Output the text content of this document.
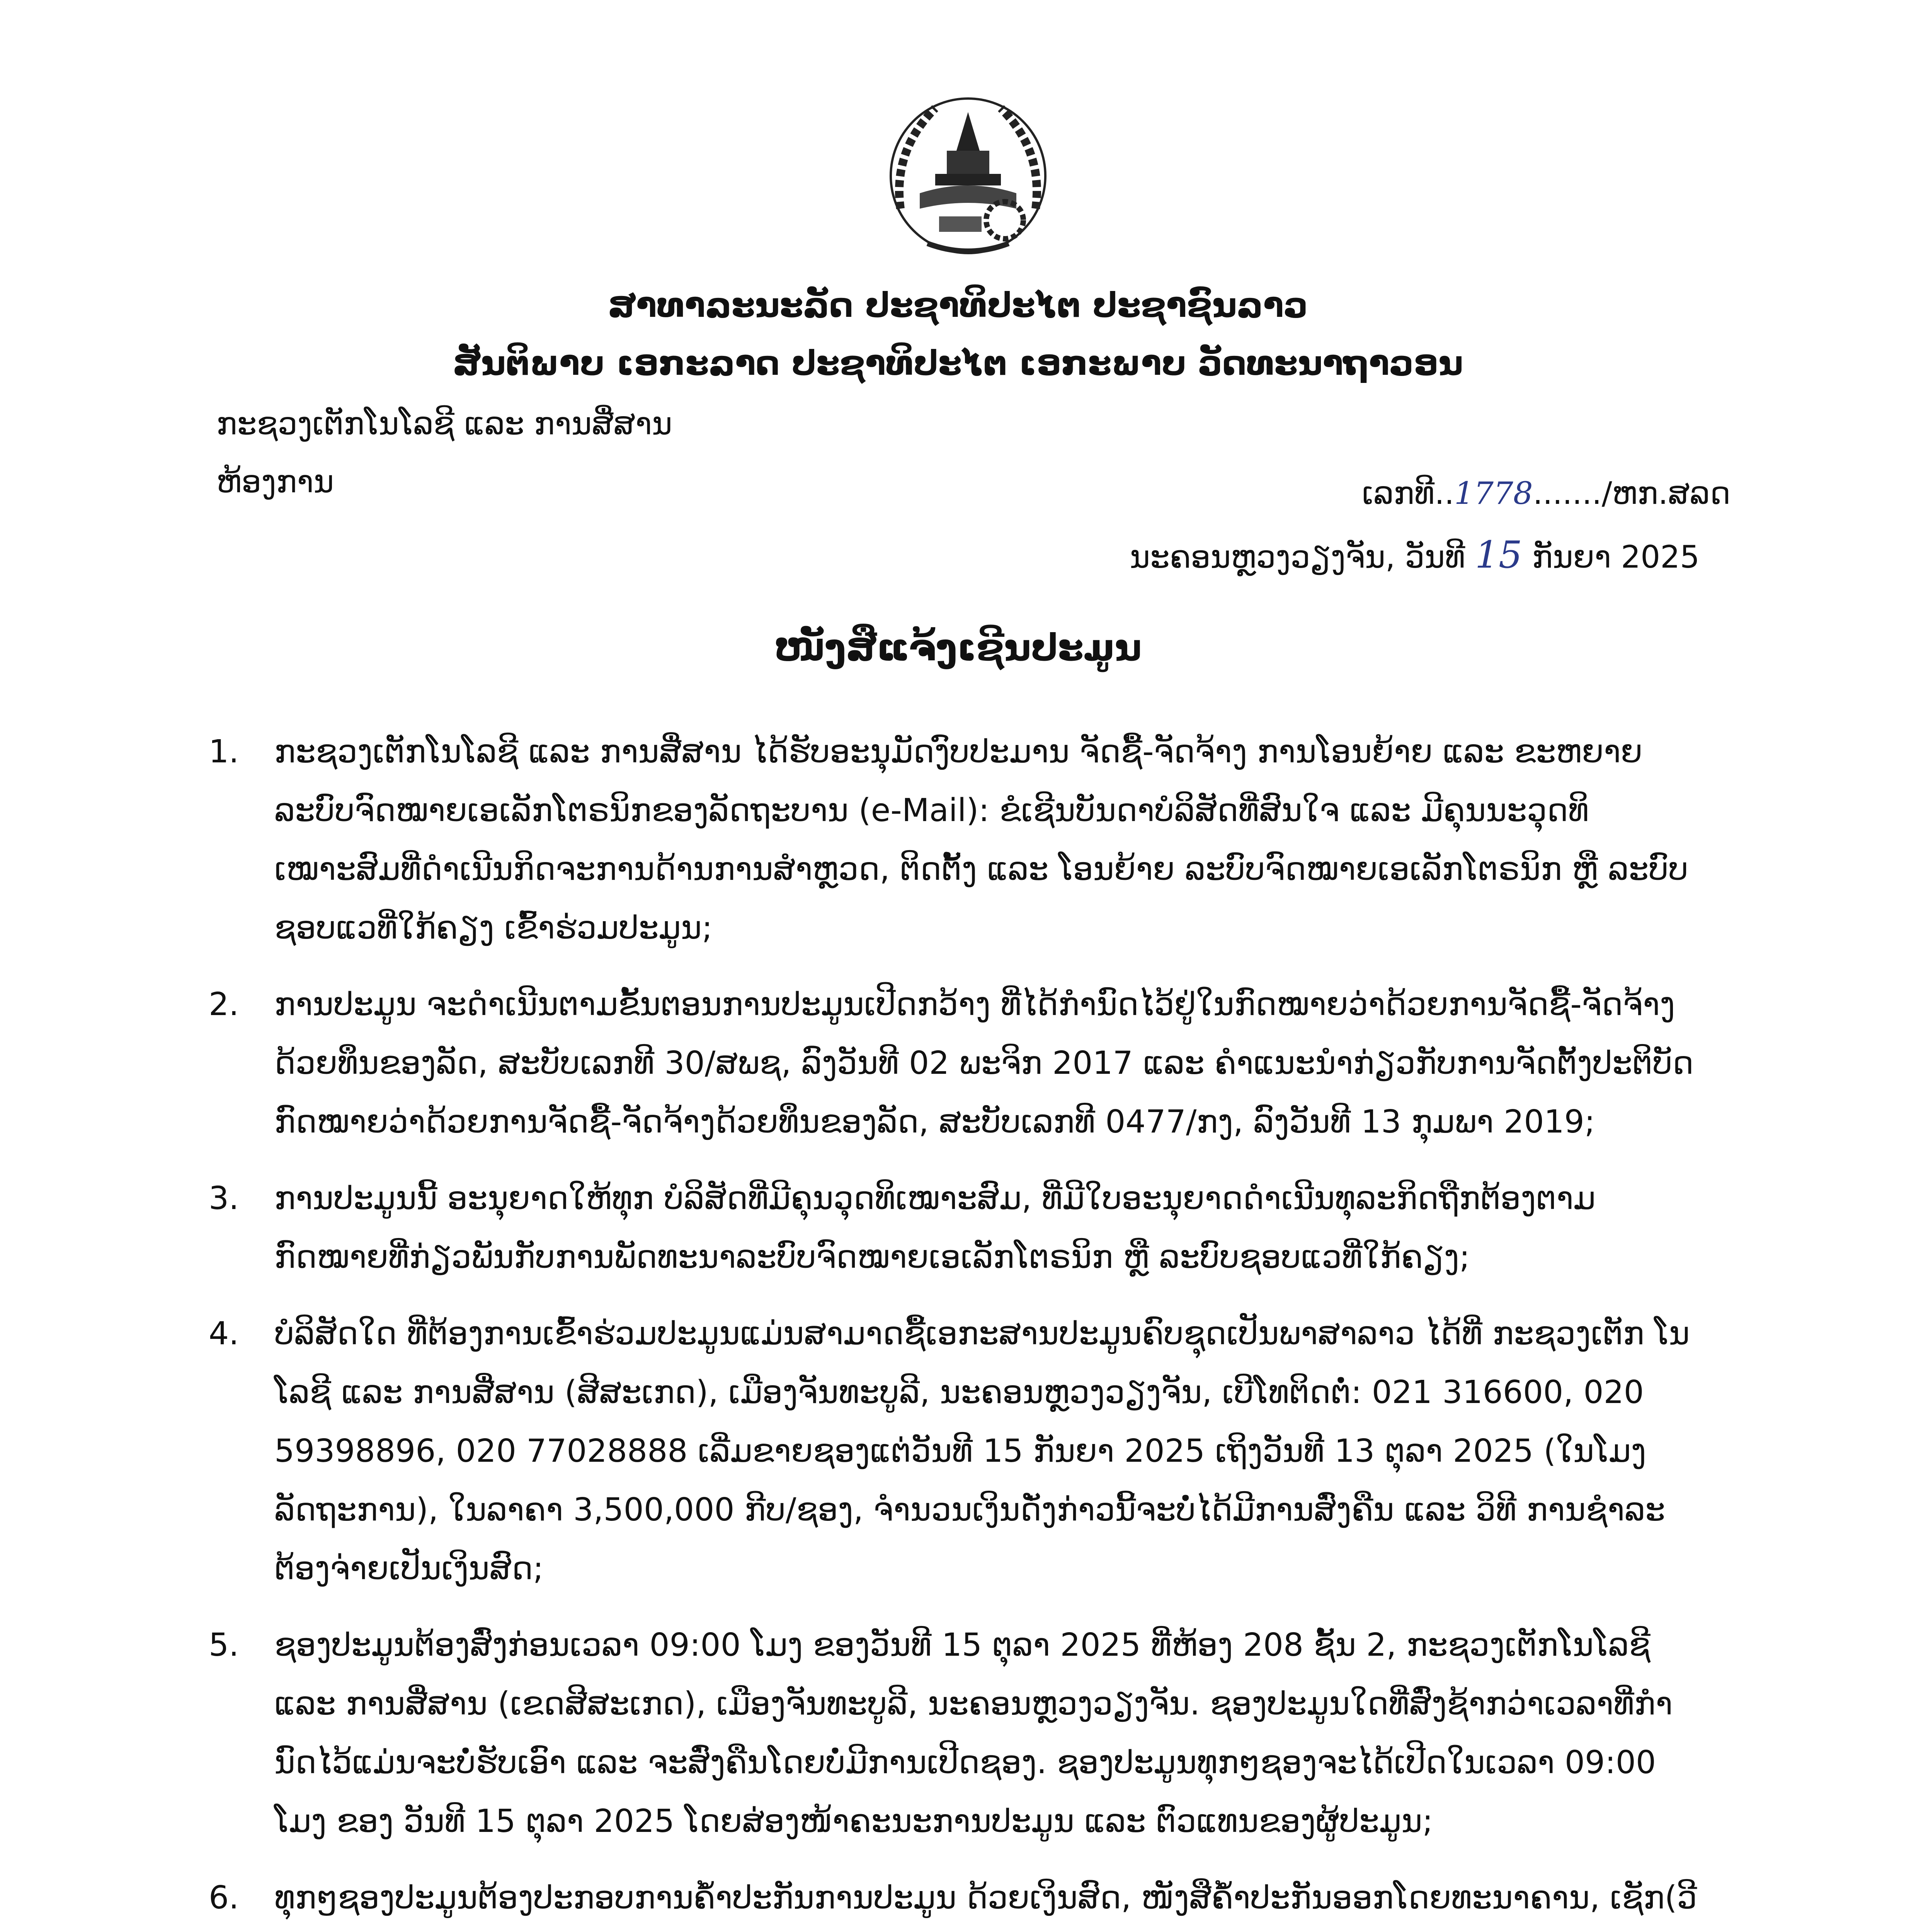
ສາທາລະນະລັດ ປະຊາທິປະໄຕ ປະຊາຊົນລາວ
ສັນຕິພາບ ເອກະລາດ ປະຊາທິປະໄຕ ເອກະພາບ ວັດທະນາຖາວອນ
ກະຊວງເຕັກໂນໂລຊີ ແລະ ການສື່ສານ
ຫ້ອງການ	ເລກທີ..1778......./ຫກ.ສລດ
ນະຄອນຫຼວງວຽງຈັນ, ວັນທີ 15 ກັນຍາ 2025
ໜັງສືແຈ້ງເຊີນປະມູນ
1. ກະຊວງເຕັກໂນໂລຊີ ແລະ ການສື່ສານ ໄດ້ຮັບອະນຸມັດງົບປະມານ ຈັດຊື້-ຈັດຈ້າງ ການໂອນຍ້າຍ ແລະ ຂະຫຍາຍ ລະບົບຈົດໝາຍເອເລັກໂຕຣນິກຂອງລັດຖະບານ (e-Mail): ຂໍເຊີນບັນດາບໍລິສັດທີ່ສົນໃຈ ແລະ ມີຄຸນນະວຸດທິ ເໝາະສົມທີ່ດຳເນີນກິດຈະການດ້ານການສຳຫຼວດ, ຕິດຕັ້ງ ແລະ ໂອນຍ້າຍ ລະບົບຈົດໝາຍເອເລັກໂຕຣນິກ ຫຼື ລະບົບຊອບແວທີ່ໃກ້ຄຽງ ເຂົ້າຮ່ວມປະມູນ;
2. ການປະມູນ ຈະດຳເນີນຕາມຂັ້ນຕອນການປະມູນເປີດກວ້າງ ທີ່ໄດ້ກຳນົດໄວ້ຢູ່ໃນກົດໝາຍວ່າດ້ວຍການຈັດຊື້-ຈັດຈ້າງ ດ້ວຍທຶນຂອງລັດ, ສະບັບເລກທີ 30/ສພຊ, ລົງວັນທີ 02 ພະຈິກ 2017 ແລະ ຄຳແນະນຳກ່ຽວກັບການຈັດຕັ້ງປະຕິບັດ ກົດໝາຍວ່າດ້ວຍການຈັດຊື້-ຈັດຈ້າງດ້ວຍທຶນຂອງລັດ, ສະບັບເລກທີ 0477/ກງ, ລົງວັນທີ 13 ກຸມພາ 2019;
3. ການປະມູນນີ້ ອະນຸຍາດໃຫ້ທຸກ ບໍລິສັດທີ່ມີຄຸນວຸດທິເໝາະສົມ, ທີ່ມີໃບອະນຸຍາດດຳເນີນທຸລະກິດຖືກຕ້ອງຕາມ ກົດໝາຍທີ່ກ່ຽວພັນກັບການພັດທະນາລະບົບຈົດໝາຍເອເລັກໂຕຣນິກ ຫຼື ລະບົບຊອບແວທີ່ໃກ້ຄຽງ;
4. ບໍລິສັດໃດ ທີ່ຕ້ອງການເຂົ້າຮ່ວມປະມູນແມ່ນສາມາດຊື້ເອກະສານປະມູນຄົບຊຸດເປັນພາສາລາວ ໄດ້ທີ່ ກະຊວງເຕັກ ໂນໂລຊີ ແລະ ການສື່ສານ (ສີສະເກດ), ເມືອງຈັນທະບູລີ, ນະຄອນຫຼວງວຽງຈັນ, ເບີໂທຕິດຕໍ່: 021 316600, 020 59398896, 020 77028888 ເລີ່ມຂາຍຊອງແຕ່ວັນທີ 15 ກັນຍາ 2025 ເຖິງວັນທີ 13 ຕຸລາ 2025 (ໃນໂມງລັດຖະການ), ໃນລາຄາ 3,500,000 ກີບ/ຊອງ, ຈຳນວນເງິນດັ່ງກ່າວນີ້ຈະບໍ່ໄດ້ມີການສົ່ງຄືນ ແລະ ວິທີ ການຊຳລະຕ້ອງຈ່າຍເປັນເງິນສົດ;
5. ຊອງປະມູນຕ້ອງສົ່ງກ່ອນເວລາ 09:00 ໂມງ ຂອງວັນທີ 15 ຕຸລາ 2025 ທີ່ຫ້ອງ 208 ຊັ້ນ 2, ກະຊວງເຕັກໂນໂລຊີ ແລະ ການສື່ສານ (ເຂດສີສະເກດ), ເມືອງຈັນທະບູລີ, ນະຄອນຫຼວງວຽງຈັນ. ຊອງປະມູນໃດທີ່ສົ່ງຊ້າກວ່າເວລາທີ່ກຳ ນົດໄວ້ແມ່ນຈະບໍ່ຮັບເອົາ ແລະ ຈະສົ່ງຄືນໂດຍບໍ່ມີການເປີດຊອງ. ຊອງປະມູນທຸກໆຊອງຈະໄດ້ເປີດໃນເວລາ 09:00 ໂມງ ຂອງ ວັນທີ 15 ຕຸລາ 2025 ໂດຍສ່ອງໜ້າຄະນະການປະມູນ ແລະ ຕົວແທນຂອງຜູ້ປະມູນ;
6. ທຸກໆຊອງປະມູນຕ້ອງປະກອບການຄ້ຳປະກັນການປະມູນ ດ້ວຍເງິນສົດ, ໜັງສືຄ້ຳປະກັນອອກໂດຍທະນາຄານ, ເຊັກ(ວີ
